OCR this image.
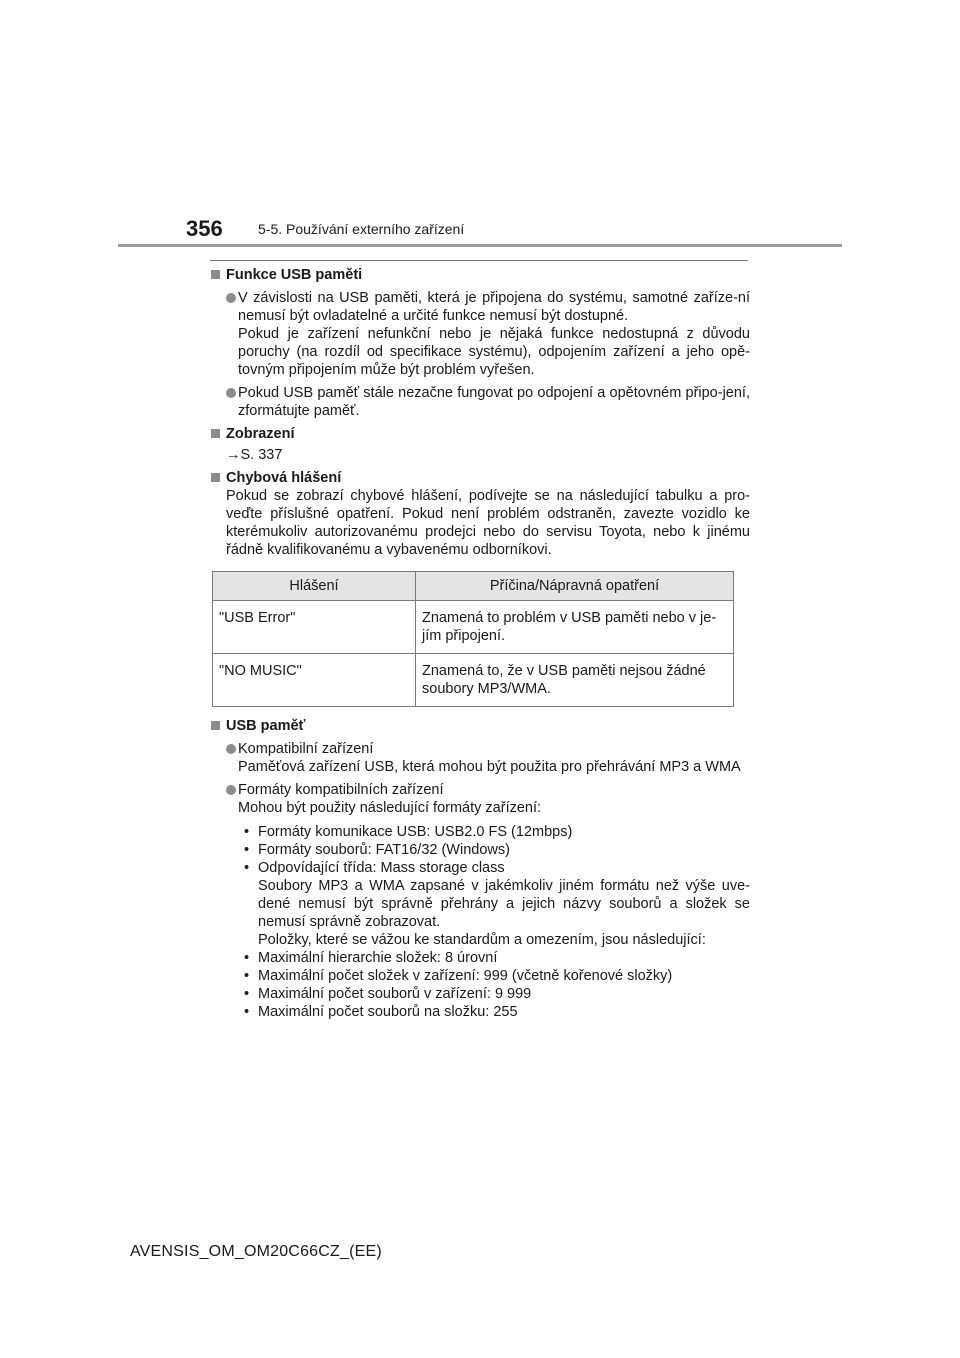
356	5-5. Používání externího zařízení
Funkce USB paměti
V závislosti na USB paměti, která je připojena do systému, samotné zaříze-ní nemusí být ovladatelné a určité funkce nemusí být dostupné.
Pokud je zařízení nefunkční nebo je nějaká funkce nedostupná z důvodu poruchy (na rozdíl od specifikace systému), odpojením zařízení a jeho opě-tovným připojením může být problém vyřešen.
Pokud USB paměť stále nezačne fungovat po odpojení a opětovném připo-jení, zformátujte paměť.
Zobrazení
→S. 337
Chybová hlášení
Pokud se zobrazí chybové hlášení, podívejte se na následující tabulku a pro-veďte příslušné opatření. Pokud není problém odstraněn, zavezte vozidlo ke kterémukoliv autorizovanému prodejci nebo do servisu Toyota, nebo k jinému řádně kvalifikovanému a vybavenému odborníkovi.
Hlášení	Příčina/Nápravná opatření
"USB Error"	Znamená to problém v USB paměti nebo v je-jím připojení.
"NO MUSIC"	Znamená to, že v USB paměti nejsou žádné soubory MP3/WMA.
USB paměť
Kompatibilní zařízení
Paměťová zařízení USB, která mohou být použita pro přehrávání MP3 a WMA
Formáty kompatibilních zařízení
Mohou být použity následující formáty zařízení:
• Formáty komunikace USB: USB2.0 FS (12mbps)
• Formáty souborů: FAT16/32 (Windows)
• Odpovídající třída: Mass storage class
Soubory MP3 a WMA zapsané v jakémkoliv jiném formátu než výše uve-dené nemusí být správně přehrány a jejich názvy souborů a složek se nemusí správně zobrazovat.
Položky, které se vážou ke standardům a omezením, jsou následující:
• Maximální hierarchie složek: 8 úrovní
• Maximální počet složek v zařízení: 999 (včetně kořenové složky)
• Maximální počet souborů v zařízení: 9 999
• Maximální počet souborů na složku: 255
AVENSIS_OM_OM20C66CZ_(EE)
